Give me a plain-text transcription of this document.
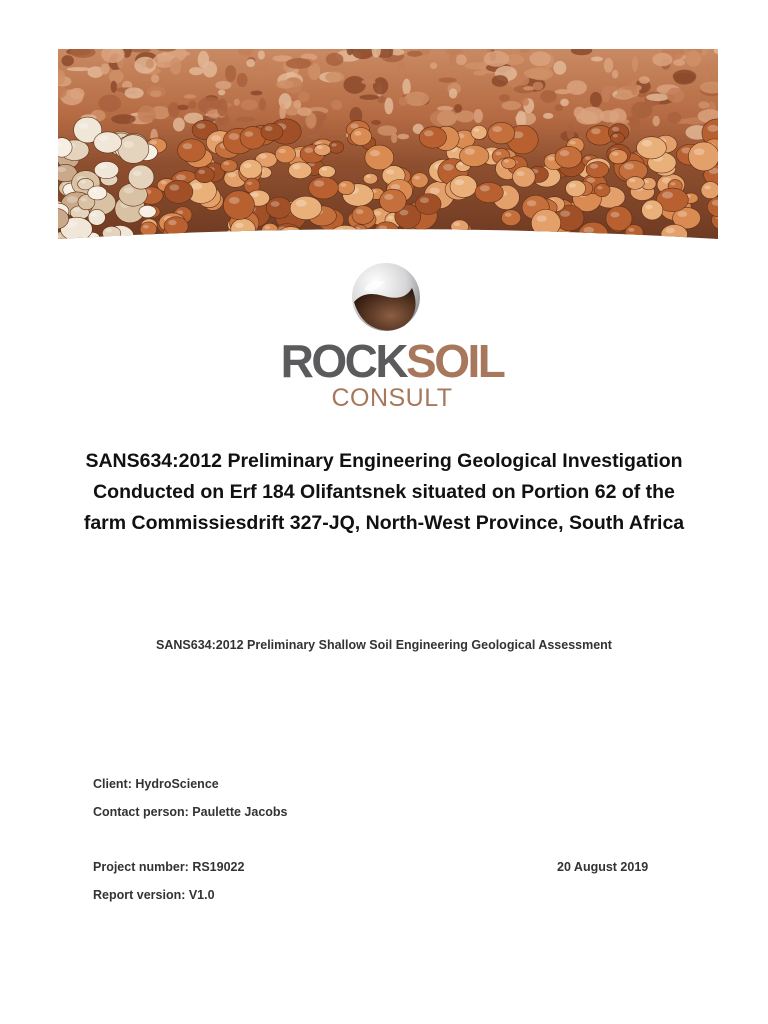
ROCKSOIL
CONSULT
SANS634:2012 Preliminary Engineering Geological Investigation Conducted on Erf 184 Olifantsnek situated on Portion 62 of the farm Commissiesdrift 327-JQ, North-West Province, South Africa
SANS634:2012 Preliminary Shallow Soil Engineering Geological Assessment
Client: HydroScience
Contact person: Paulette Jacobs
Project number: RS19022
Report version: V1.0
20 August 2019
